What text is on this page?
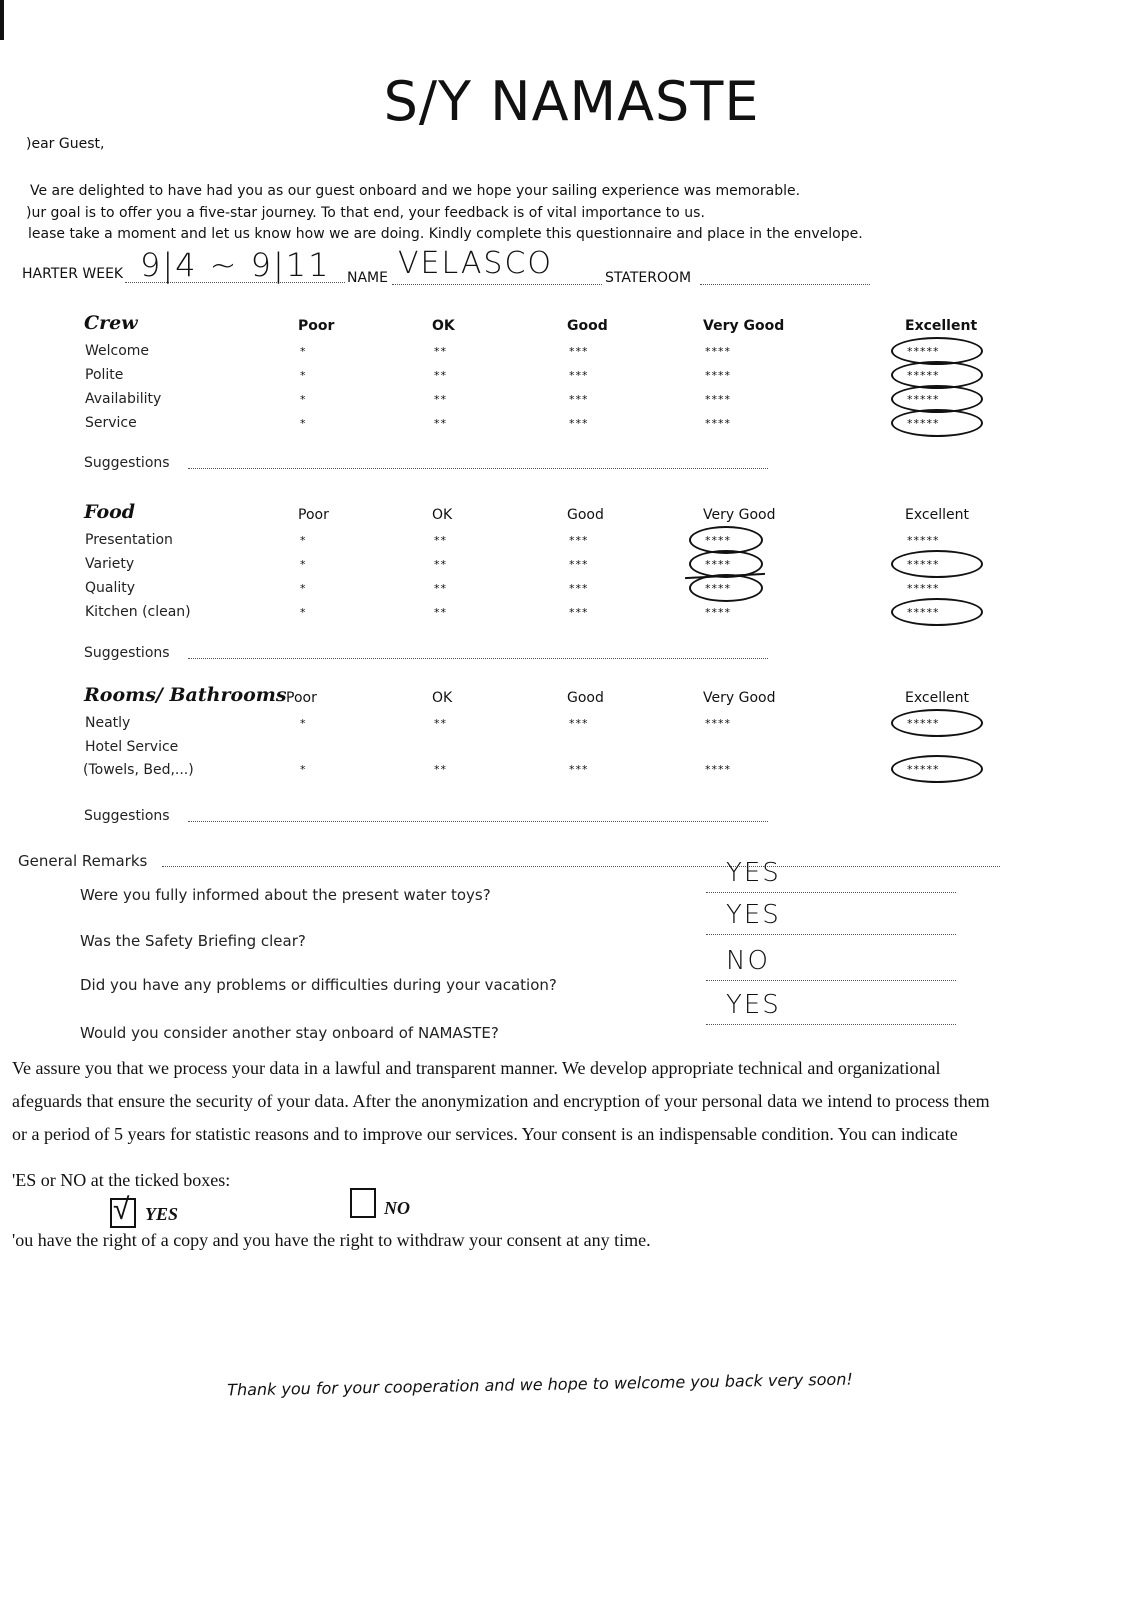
S/Y NAMASTE
)ear Guest,
Ve are delighted to have had you as our guest onboard and we hope your sailing experience was memorable.
)ur goal is to offer you a five-star journey. To that end, your feedback is of vital importance to us.
lease take a moment and let us know how we are doing. Kindly complete this questionnaire and place in the envelope.
HARTER WEEK 9|4 ~ 9|11 NAME VELASCO	STATEROOM
Crew	Poor	OK	Good	Very Good	Excellent
Welcome	*	**	***	****	*****
Polite	*	**	***	****	*****
Availability	*	**	***	****	*****
Service	*	**	***	****	*****
Suggestions
Food	Poor	OK	Good	Very Good	Excellent
Presentation	*	**	***	****	*****
Variety	*	**	***	****	*****
Quality	*	**	***	****	*****
Kitchen (clean)	*	**	***	****	*****
Suggestions
Rooms/ Bathrooms Poor	OK	Good	Very Good	Excellent
Neatly	*	**	***	****	*****
Hotel Service
(Towels, Bed,...)	*	**	***	****	*****
Suggestions
General Remarks
Were you fully informed about the present water toys?
YES
Was the Safety Briefing clear?
YES
Did you have any problems or difficulties during your vacation?
NO
Would you consider another stay onboard of NAMASTE?
YES
Ve assure you that we process your data in a lawful and transparent manner. We develop appropriate technical and organizational
afeguards that ensure the security of your data. After the anonymization and encryption of your personal data we intend to process them
or a period of 5 years for statistic reasons and to improve our services. Your consent is an indispensable condition. You can indicate
'ES or NO at the ticked boxes:
√ YES	NO
'ou have the right of a copy and you have the right to withdraw your consent at any time.
Thank you for your cooperation and we hope to welcome you back very soon!
